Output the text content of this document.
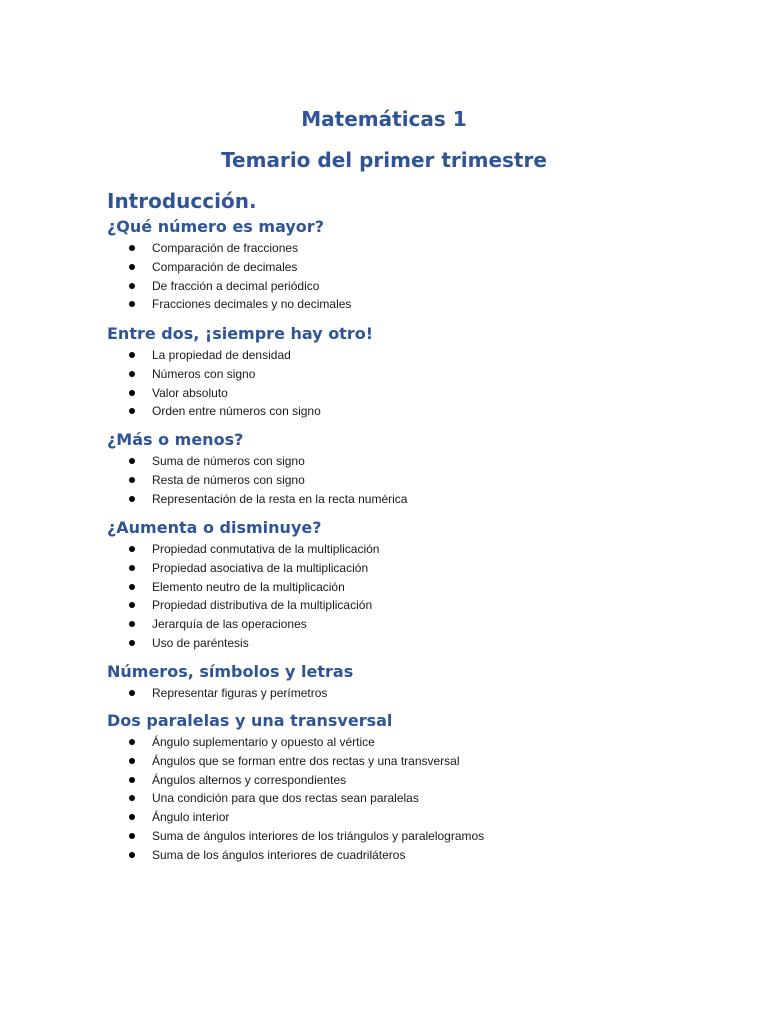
Matemáticas 1
Temario del primer trimestre
Introducción.
¿Qué número es mayor?
Comparación de fracciones
Comparación de decimales
De fracción a decimal periódico
Fracciones decimales y no decimales
Entre dos, ¡siempre hay otro!
La propiedad de densidad
Números con signo
Valor absoluto
Orden entre números con signo
¿Más o menos?
Suma de números con signo
Resta de números con signo
Representación de la resta en la recta numérica
¿Aumenta o disminuye?
Propiedad conmutativa de la multiplicación
Propiedad asociativa de la multiplicación
Elemento neutro de la multiplicación
Propiedad distributiva de la multiplicación
Jerarquía de las operaciones
Uso de paréntesis
Números, símbolos y letras
Representar figuras y perímetros
Dos paralelas y una transversal
Ángulo suplementario y opuesto al vértice
Ángulos que se forman entre dos rectas y una transversal
Ángulos alternos y correspondientes
Una condición para que dos rectas sean paralelas
Ángulo interior
Suma de ángulos interiores de los triángulos y paralelogramos
Suma de los ángulos interiores de cuadriláteros
